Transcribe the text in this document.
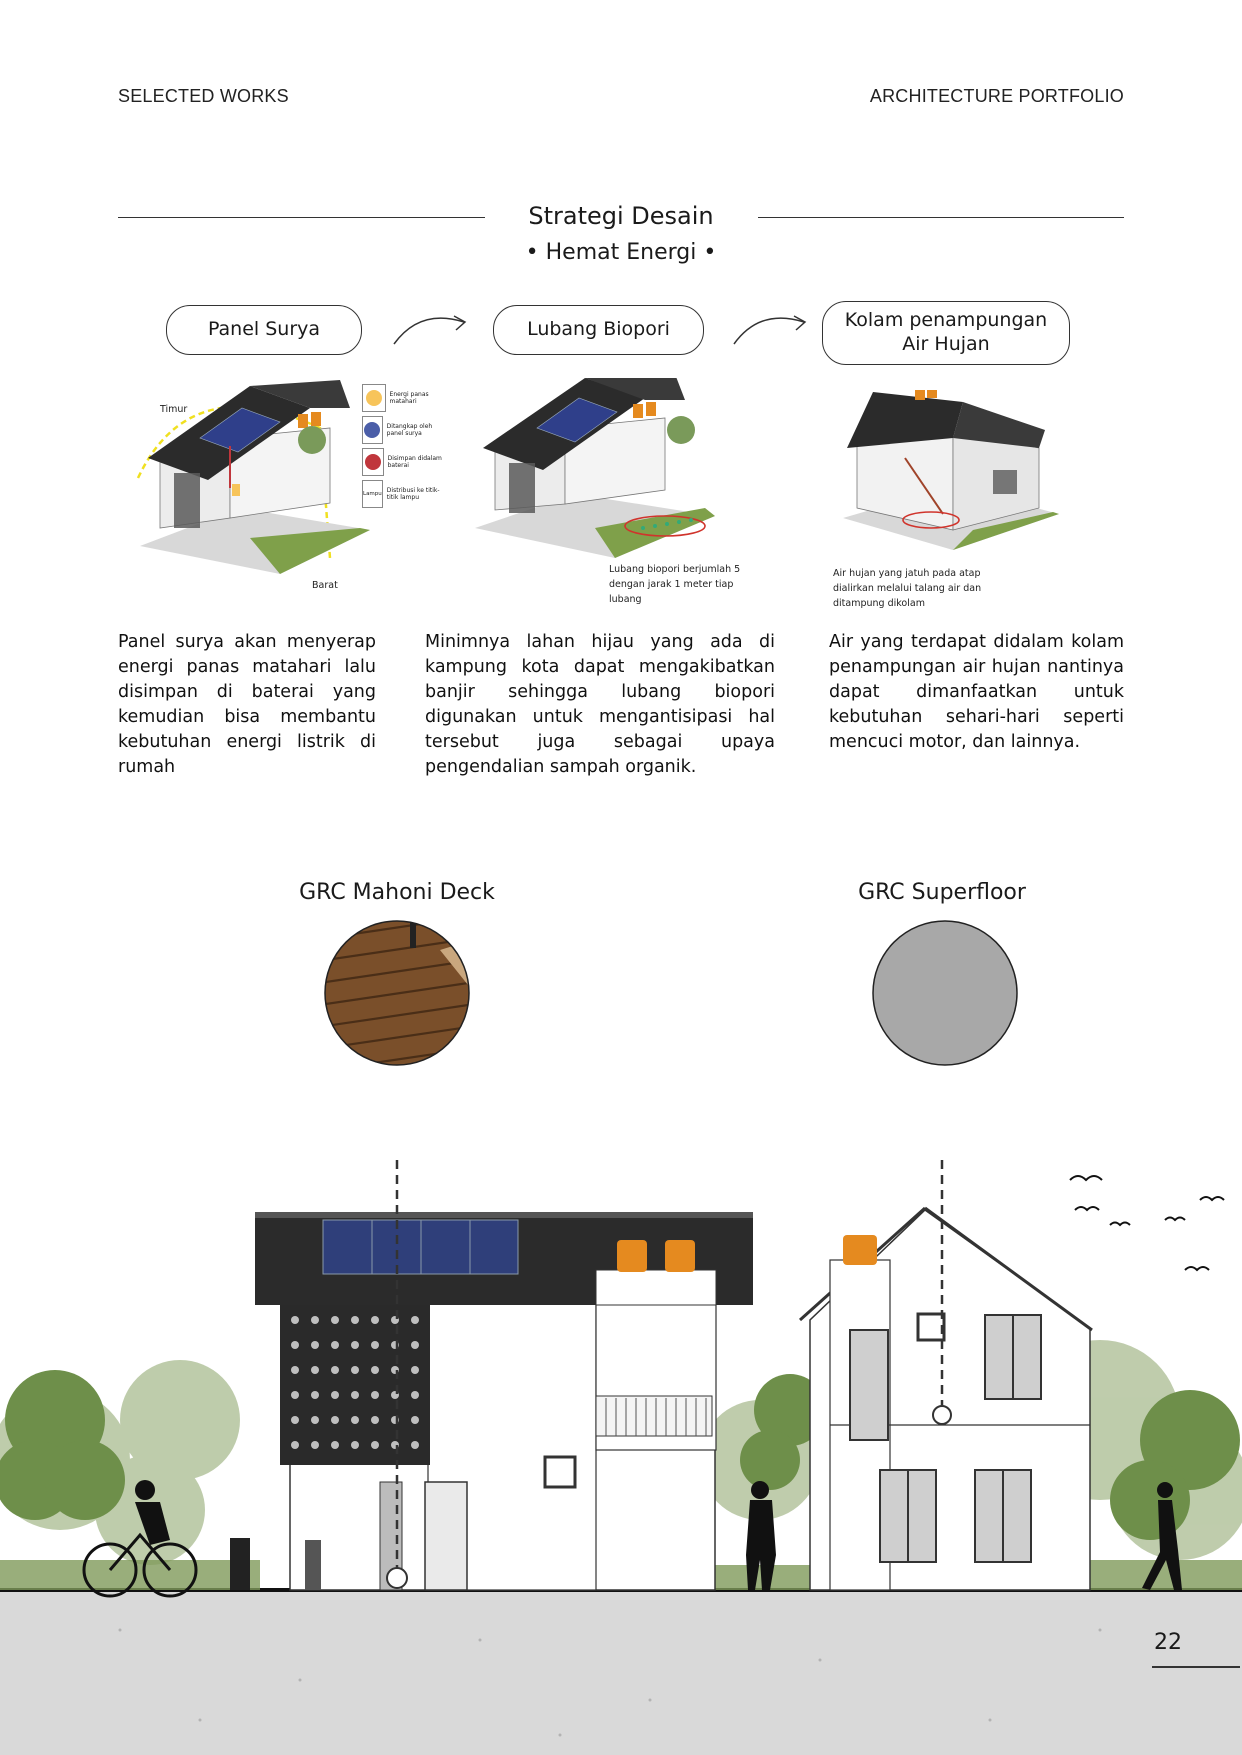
SELECTED WORKS	ARCHITECTURE PORTFOLIO
Strategi Desain
• Hemat Energi •
Panel Surya	Lubang Biopori	Kolam penampungan Air Hujan
Timur
Barat
Energi panas matahari
Ditangkap oleh panel surya
Disimpan didalam baterai
Lampu Distribusi ke titik-titik lampu
Lubang biopori berjumlah 5 dengan jarak 1 meter tiap lubang
Air hujan yang jatuh pada atap dialirkan melalui talang air dan ditampung dikolam
Panel surya akan menyerap energi panas matahari lalu disimpan di baterai yang kemudian bisa membantu kebutuhan energi listrik di rumah
Minimnya lahan hijau yang ada di kampung kota dapat mengakibatkan banjir sehingga lubang biopori digunakan untuk mengantisipasi hal tersebut juga sebagai upaya pengendalian sampah organik.
Air yang terdapat didalam kolam penampungan air hujan nantinya dapat dimanfaatkan untuk kebutuhan sehari-hari seperti mencuci motor, dan lainnya.
GRC Mahoni Deck	GRC Superfloor
22
